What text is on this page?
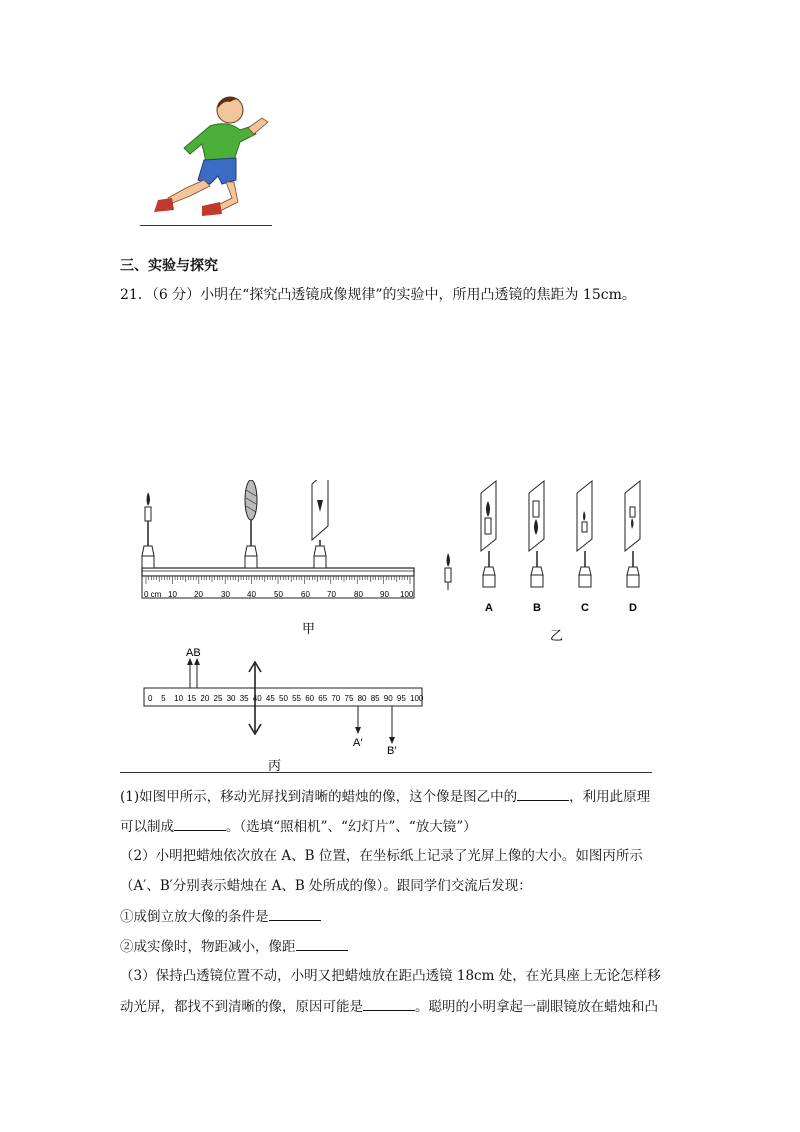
三、实验与探究
21．（6 分）小明在“探究凸透镜成像规律”的实验中，所用凸透镜的焦距为 15cm。
0 cm 10 20 30 40 50 60 70 80 90 100
甲
A	B	C	D
乙
0 5 10 15 20 25 30 35 40 45 50 55 60 65 70 75 80 85 90 95 100
AB
A′
B′
丙
(1)如图甲所示，移动光屏找到清晰的蜡烛的像，这个像是图乙中的	，利用此原理
可以制成	。（选填“照相机”、“幻灯片”、“放大镜”）
（2）小明把蜡烛依次放在 A、B 位置，在坐标纸上记录了光屏上像的大小。如图丙所示
（A′、B′分别表示蜡烛在 A、B 处所成的像）。跟同学们交流后发现：
①成倒立放大像的条件是
②成实像时，物距减小，像距
（3）保持凸透镜位置不动，小明又把蜡烛放在距凸透镜 18cm 处，在光具座上无论怎样移
动光屏，都找不到清晰的像，原因可能是	。聪明的小明拿起一副眼镜放在蜡烛和凸
